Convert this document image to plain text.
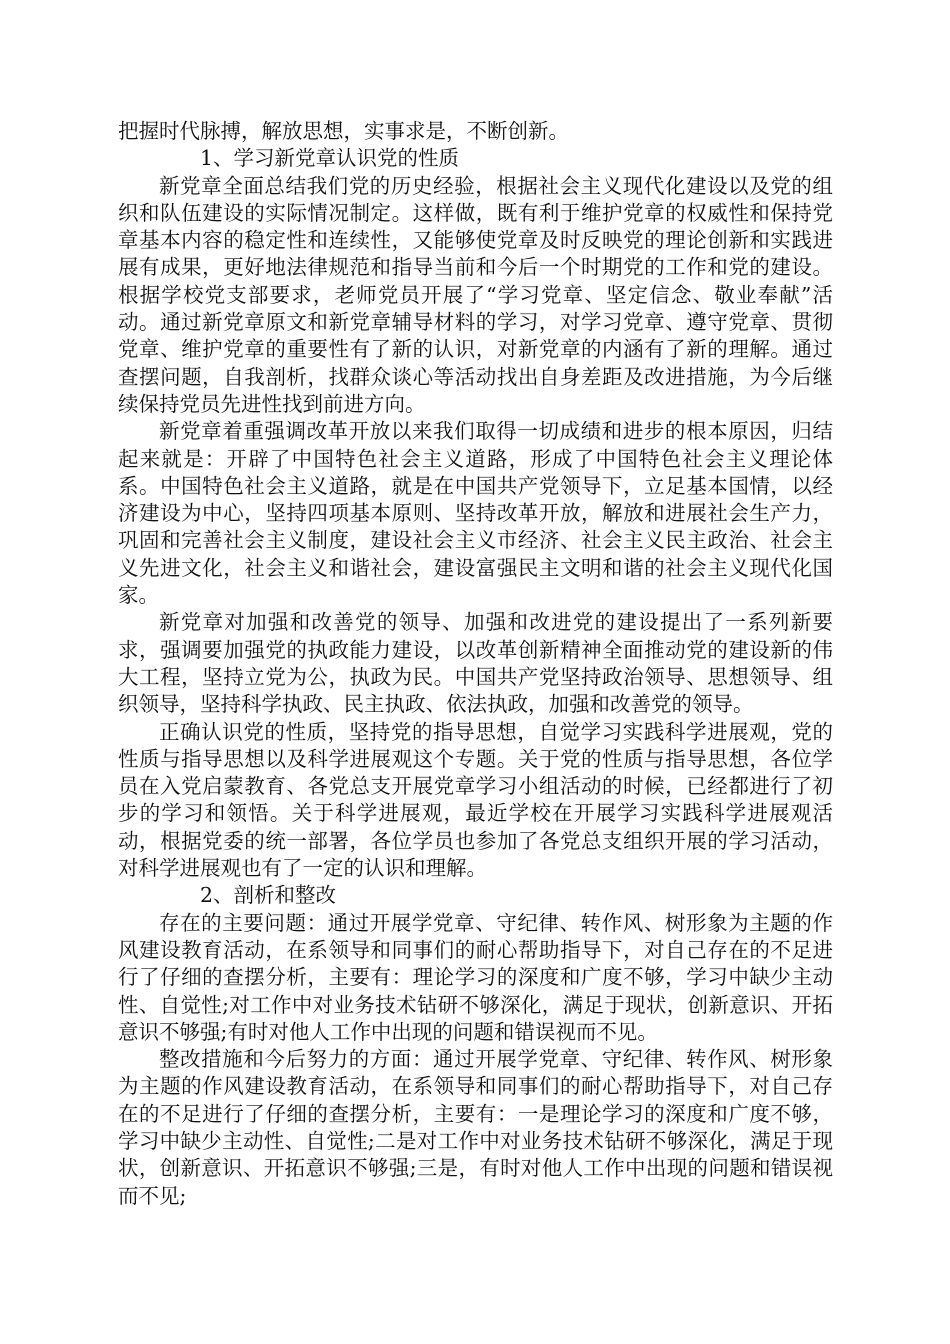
把握时代脉搏，解放思想，实事求是，不断创新。

1、学习新党章认识党的性质

新党章全面总结我们党的历史经验，根据社会主义现代化建设以及党的组织和队伍建设的实际情况制定。这样做，既有利于维护党章的权威性和保持党章基本内容的稳定性和连续性，又能够使党章及时反映党的理论创新和实践进展有成果，更好地法律规范和指导当前和今后一个时期党的工作和党的建设。根据学校党支部要求，老师党员开展了“学习党章、坚定信念、敬业奉献”活动。通过新党章原文和新党章辅导材料的学习，对学习党章、遵守党章、贯彻党章、维护党章的重要性有了新的认识，对新党章的内涵有了新的理解。通过查摆问题，自我剖析，找群众谈心等活动找出自身差距及改进措施，为今后继续保持党员先进性找到前进方向。

新党章着重强调改革开放以来我们取得一切成绩和进步的根本原因，归结起来就是：开辟了中国特色社会主义道路，形成了中国特色社会主义理论体系。中国特色社会主义道路，就是在中国共产党领导下，立足基本国情，以经济建设为中心，坚持四项基本原则、坚持改革开放，解放和进展社会生产力，巩固和完善社会主义制度，建设社会主义市经济、社会主义民主政治、社会主义先进文化，社会主义和谐社会，建设富强民主文明和谐的社会主义现代化国家。

新党章对加强和改善党的领导、加强和改进党的建设提出了一系列新要求，强调要加强党的执政能力建设，以改革创新精神全面推动党的建设新的伟大工程，坚持立党为公，执政为民。中国共产党坚持政治领导、思想领导、组织领导，坚持科学执政、民主执政、依法执政，加强和改善党的领导。

正确认识党的性质，坚持党的指导思想，自觉学习实践科学进展观，党的性质与指导思想以及科学进展观这个专题。关于党的性质与指导思想，各位学员在入党启蒙教育、各党总支开展党章学习小组活动的时候，已经都进行了初步的学习和领悟。关于科学进展观，最近学校在开展学习实践科学进展观活动，根据党委的统一部署，各位学员也参加了各党总支组织开展的学习活动，对科学进展观也有了一定的认识和理解。

2、剖析和整改

存在的主要问题：通过开展学党章、守纪律、转作风、树形象为主题的作风建设教育活动，在系领导和同事们的耐心帮助指导下，对自己存在的不足进行了仔细的查摆分析，主要有：理论学习的深度和广度不够，学习中缺少主动性、自觉性;对工作中对业务技术钻研不够深化，满足于现状，创新意识、开拓意识不够强;有时对他人工作中出现的问题和错误视而不见。

整改措施和今后努力的方面：通过开展学党章、守纪律、转作风、树形象为主题的作风建设教育活动，在系领导和同事们的耐心帮助指导下，对自己存在的不足进行了仔细的查摆分析，主要有：一是理论学习的深度和广度不够，学习中缺少主动性、自觉性;二是对工作中对业务技术钻研不够深化，满足于现状，创新意识、开拓意识不够强;三是，有时对他人工作中出现的问题和错误视而不见;
